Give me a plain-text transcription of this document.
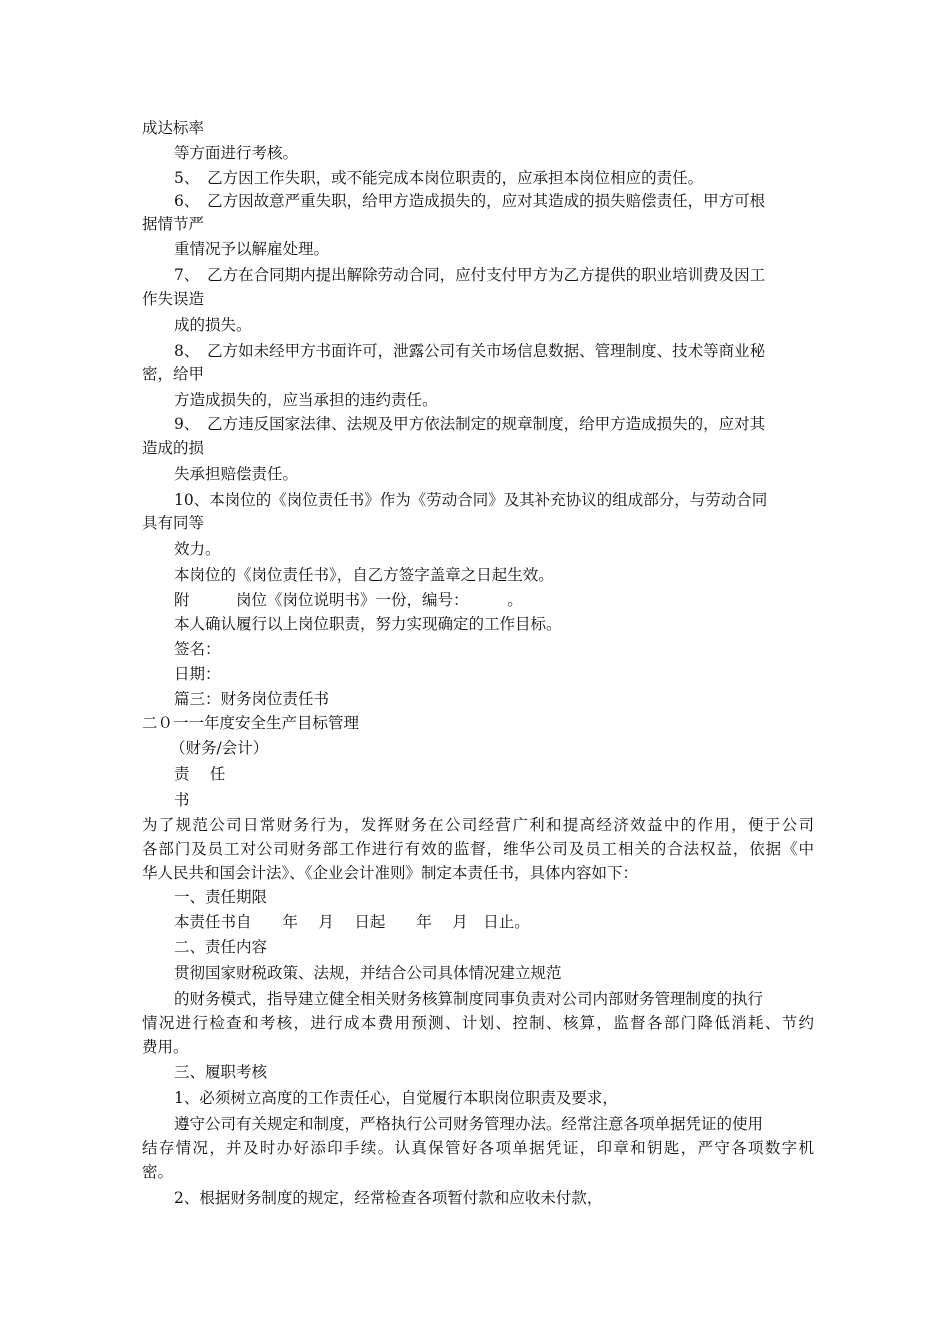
成达标率
等方面进行考核。
5、　乙方因工作失职，或不能完成本岗位职责的，应承担本岗位相应的责任。
6、　乙方因故意严重失职，给甲方造成损失的，应对其造成的损失赔偿责任，甲方可根
据情节严
重情况予以解雇处理。
7、　乙方在合同期内提出解除劳动合同，应付支付甲方为乙方提供的职业培训费及因工
作失误造
成的损失。
8、　乙方如未经甲方书面许可，泄露公司有关市场信息数据、管理制度、技术等商业秘
密，给甲
方造成损失的，应当承担的违约责任。
9、　乙方违反国家法律、法规及甲方依法制定的规章制度，给甲方造成损失的，应对其
造成的损
失承担赔偿责任。
10、本岗位的《岗位责任书》作为《劳动合同》及其补充协议的组成部分，与劳动合同
具有同等
效力。
本岗位的《岗位责任书》，自乙方签字盖章之日起生效。
附　　　岗位《岗位说明书》一份，编号：　　　。
本人确认履行以上岗位职责，努力实现确定的工作目标。
签名：
日期：
篇三：财务岗位责任书
二０一一年度安全生产目标管理
（财务/会计）
责　 任
书
为了规范公司日常财务行为，发挥财务在公司经营广利和提高经济效益中的作用，便于公司
各部门及员工对公司财务部工作进行有效的监督，维华公司及员工相关的合法权益，依据《中
华人民共和国会计法》、《企业会计准则》制定本责任书，具体内容如下：
一、责任期限
本责任书自　　年　 月　 日起　　年　 月　日止。
二、责任内容
贯彻国家财税政策、法规，并结合公司具体情况建立规范
的财务模式，指导建立健全相关财务核算制度同事负责对公司内部财务管理制度的执行
情况进行检查和考核，进行成本费用预测、计划、控制、核算，监督各部门降低消耗、节约
费用。
三、履职考核
1、必须树立高度的工作责任心，自觉履行本职岗位职责及要求，
遵守公司有关规定和制度，严格执行公司财务管理办法。经常注意各项单据凭证的使用
结存情况，并及时办好添印手续。认真保管好各项单据凭证，印章和钥匙，严守各项数字机
密。
2、根据财务制度的规定，经常检查各项暂付款和应收未付款，
